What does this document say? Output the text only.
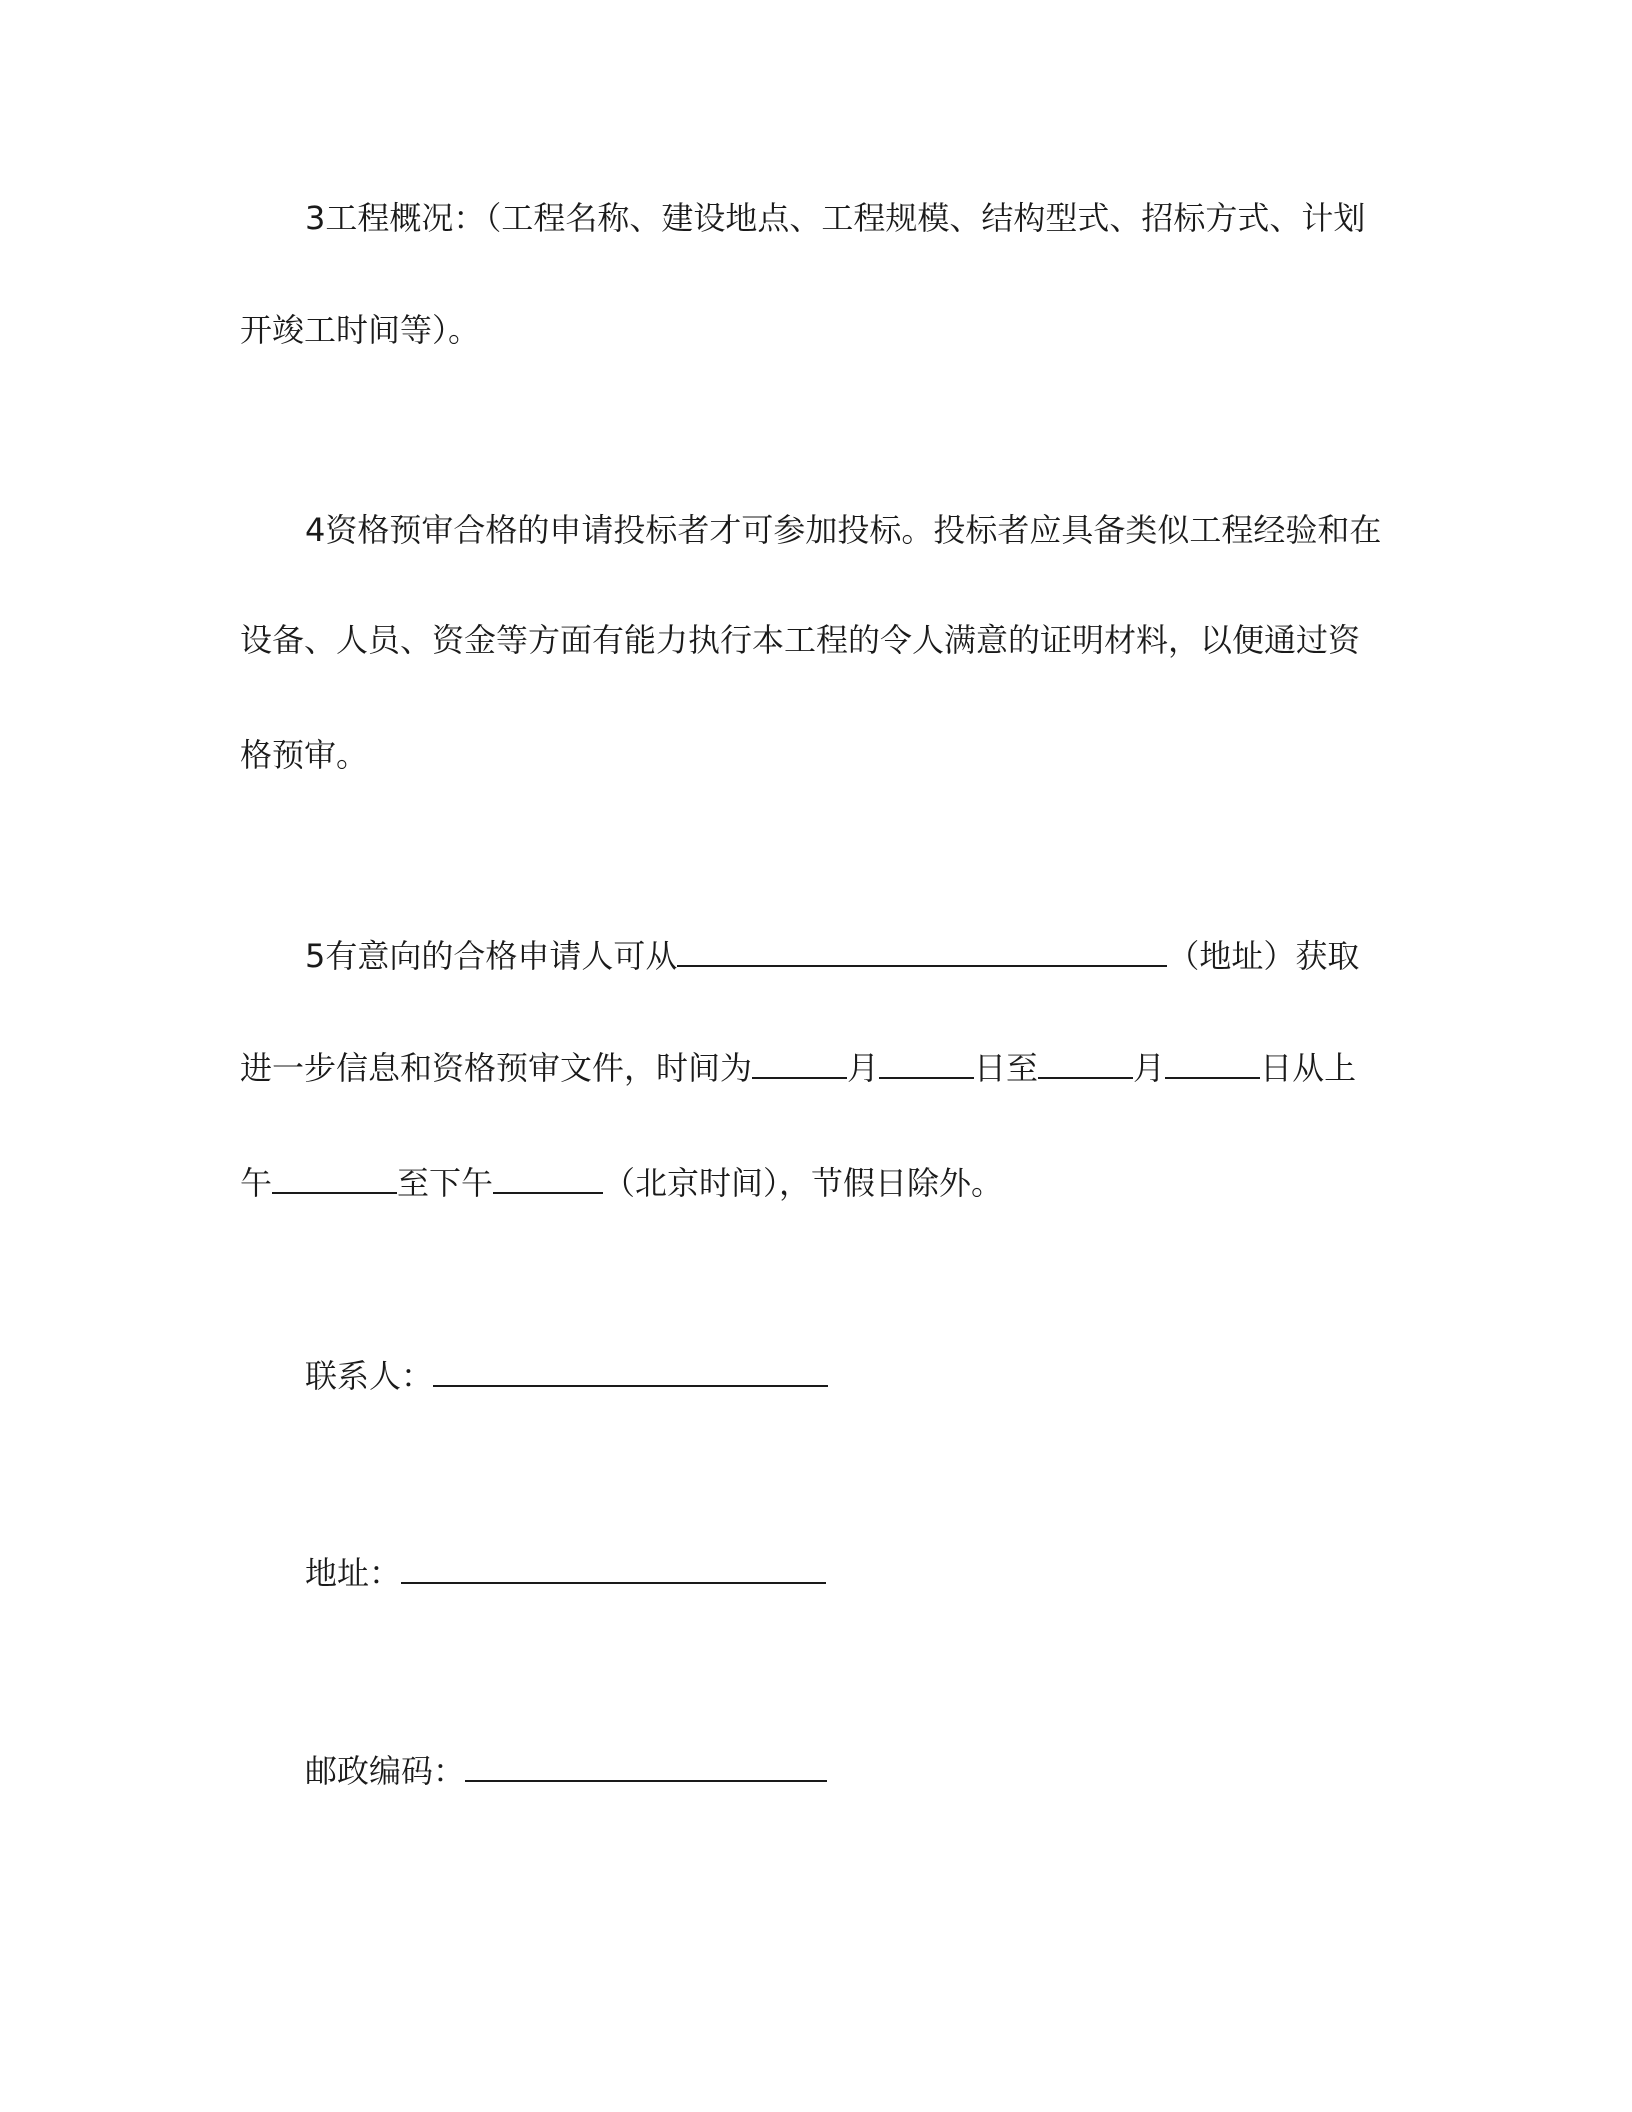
3工程概况：（工程名称、建设地点、工程规模、结构型式、招标方式、计划
开竣工时间等）。
4资格预审合格的申请投标者才可参加投标。投标者应具备类似工程经验和在
设备、人员、资金等方面有能力执行本工程的令人满意的证明材料，以便通过资
格预审。
5有意向的合格申请人可从	（地址）获取
进一步信息和资格预审文件，时间为	月	日至	月	日从上
午	至下午	（北京时间），节假日除外。
联系人：
地址：
邮政编码：
